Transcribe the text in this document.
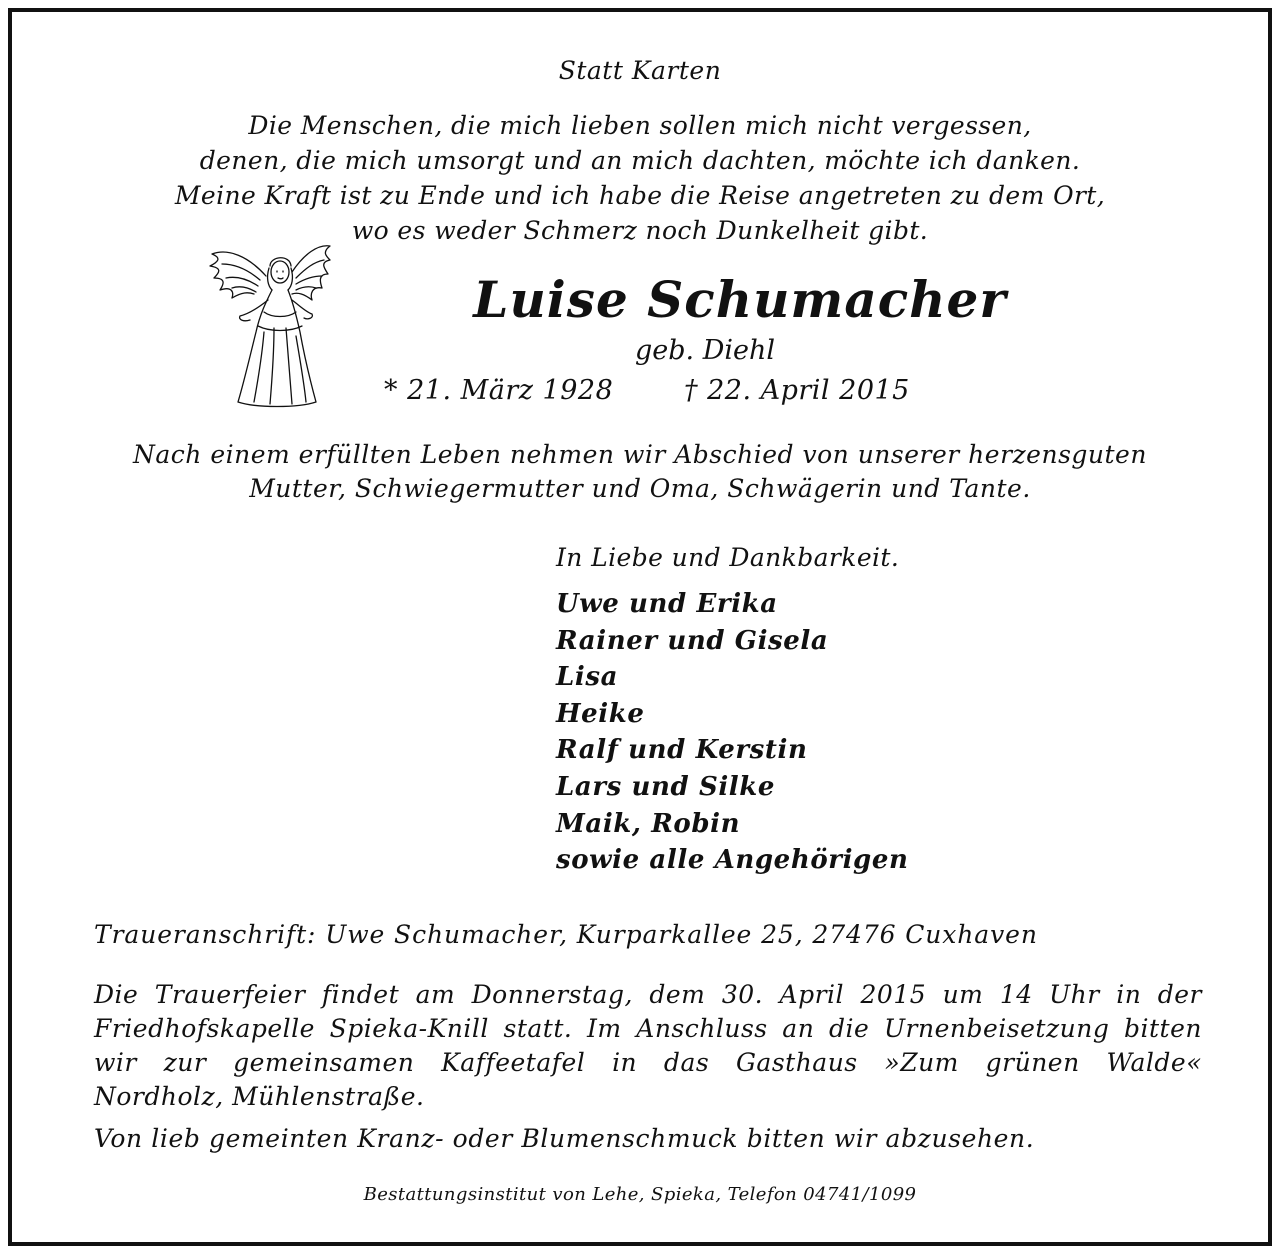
Statt Karten
Die Menschen, die mich lieben sollen mich nicht vergessen,
denen, die mich umsorgt und an mich dachten, möchte ich danken.
Meine Kraft ist zu Ende und ich habe die Reise angetreten zu dem Ort,
wo es weder Schmerz noch Dunkelheit gibt.
Luise Schumacher
geb. Diehl
* 21. März 1928	† 22. April 2015
Nach einem erfüllten Leben nehmen wir Abschied von unserer herzensguten
Mutter, Schwiegermutter und Oma, Schwägerin und Tante.
In Liebe und Dankbarkeit.
Uwe und Erika
Rainer und Gisela
Lisa
Heike
Ralf und Kerstin
Lars und Silke
Maik, Robin
sowie alle Angehörigen
Traueranschrift: Uwe Schumacher, Kurparkallee 25, 27476 Cuxhaven
Die Trauerfeier findet am Donnerstag, dem 30. April 2015 um 14 Uhr in der
Friedhofskapelle Spieka-Knill statt. Im Anschluss an die Urnenbeisetzung bitten
wir zur gemeinsamen Kaffeetafel in das Gasthaus »Zum grünen Walde«
Nordholz, Mühlenstraße.
Von lieb gemeinten Kranz- oder Blumenschmuck bitten wir abzusehen.
Bestattungsinstitut von Lehe, Spieka, Telefon 04741/1099
